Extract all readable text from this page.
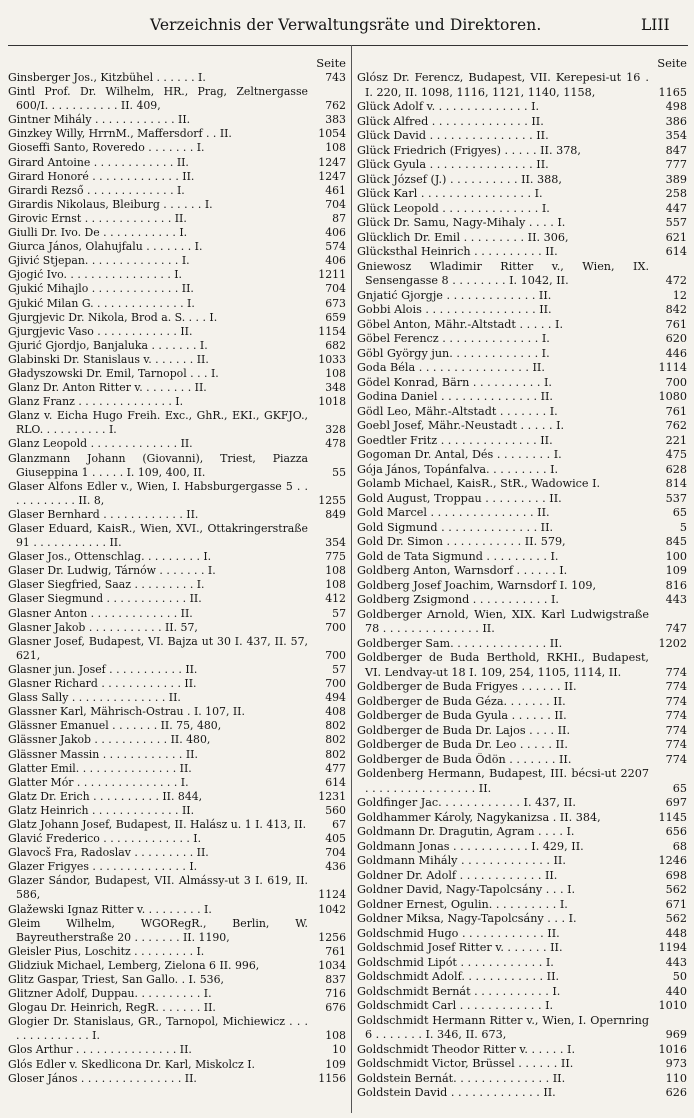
Verzeichnis der Verwaltungsräte und Direktoren.	LIII
Seite
Ginsberger Jos., Kitzbühel . . . . . . I.	743
Gintl Prof. Dr. Wilhelm, HR., Prag, Zeltnergasse 600/I. . . . . . . . . . . II. 409,	762
Gintner Mihály . . . . . . . . . . . . II.	383
Ginzkey Willy, HrrnM., Maffersdorf . . II.	1054
Gioseffi Santo, Roveredo . . . . . . . I.	108
Girard Antoine . . . . . . . . . . . . II.	1247
Girard Honoré . . . . . . . . . . . . . II.	1247
Girardi Rezső . . . . . . . . . . . . . I.	461
Girardis Nikolaus, Bleiburg . . . . . . I.	704
Girovic Ernst . . . . . . . . . . . . . II.	87
Giulli Dr. Ivo. De . . . . . . . . . . . I.	406
Giurca János, Olahujfalu . . . . . . . I.	574
Gjivić Stjepan. . . . . . . . . . . . . . I.	406
Gjogić Ivo. . . . . . . . . . . . . . . . I.	1211
Gjukić Mihajlo . . . . . . . . . . . . . II.	704
Gjukić Milan G. . . . . . . . . . . . . . I.	673
Gjurgjevic Dr. Nikola, Brod a. S. . . . I.	659
Gjurgjevic Vaso . . . . . . . . . . . . II.	1154
Gjurić Gjordjo, Banjaluka . . . . . . . I.	682
Glabinski Dr. Stanislaus v. . . . . . . II.	1033
Gładyszowski Dr. Emil, Tarnopol . . . I.	108
Glanz Dr. Anton Ritter v. . . . . . . . II.	348
Glanz Franz . . . . . . . . . . . . . . I.	1018
Glanz v. Eicha Hugo Freih. Exc., GhR., EKI., GKFJO., RLO. . . . . . . . . . I.	328
Glanz Leopold . . . . . . . . . . . . . II.	478
Glanzmann Johann (Giovanni), Triest, Piazza Giuseppina 1 . . . . . I. 109, 400, II.	55
Glaser Alfons Edler v., Wien, I. Habsburgergasse 5 . . . . . . . . . . . II. 8,	1255
Glaser Bernhard . . . . . . . . . . . . II.	849
Glaser Eduard, KaisR., Wien, XVI., Ottakringerstraße 91 . . . . . . . . . . . II.	354
Glaser Jos., Ottenschlag. . . . . . . . . I.	775
Glaser Dr. Ludwig, Tárnów . . . . . . . I.	108
Glaser Siegfried, Saaz . . . . . . . . . I.	108
Glaser Siegmund . . . . . . . . . . . . II.	412
Glasner Anton . . . . . . . . . . . . . II.	57
Glasner Jakob . . . . . . . . . . . II. 57,	700
Glasner Josef, Budapest, VI. Bajza ut 30 I. 437, II. 57, 621,	700
Glasner jun. Josef . . . . . . . . . . . II.	57
Glasner Richard . . . . . . . . . . . . II.	700
Glass Sally . . . . . . . . . . . . . . II.	494
Glassner Karl, Mährisch-Ostrau . I. 107, II.	408
Glässner Emanuel . . . . . . . II. 75, 480,	802
Glässner Jakob . . . . . . . . . . . II. 480,	802
Glässner Massin . . . . . . . . . . . . II.	802
Glatter Emil. . . . . . . . . . . . . . . II.	477
Glatter Mór . . . . . . . . . . . . . . . I.	614
Glatz Dr. Erich . . . . . . . . . . II. 844,	1231
Glatz Heinrich . . . . . . . . . . . . . II.	560
Glatz Johann Josef, Budapest, II. Halász u. 1 I. 413, II.	67
Glavić Frederico . . . . . . . . . . . . . I.	405
Glavocš Fra, Radoslav . . . . . . . . . II.	704
Glazer Frigyes . . . . . . . . . . . . . . I.	436
Glazer Sándor, Budapest, VII. Almássy-ut 3 I. 619, II. 586,	1124
Glažewski Ignaz Ritter v. . . . . . . . . I.	1042
Gleim Wilhelm, WGORegR., Berlin, W. Bayreutherstraße 20 . . . . . . . II. 1190,	1256
Gleisler Pius, Loschitz . . . . . . . . . I.	761
Glidziuk Michael, Lemberg, Zielona 6 II. 996,	1034
Glitz Gaspar, Triest, San Gallo. . I. 536,	837
Glitzner Adolf, Duppau. . . . . . . . . . I.	716
Glogau Dr. Heinrich, RegR. . . . . . . II.	676
Glogier Dr. Stanislaus, GR., Tarnopol, Michiewicz . . . . . . . . . . . . . . I.	108
Glos Arthur . . . . . . . . . . . . . . . II.	10
Glós Edler v. Skedlicona Dr. Karl, Miskolcz I.	109
Gloser János . . . . . . . . . . . . . . . II.	1156
Seite
Glósz Dr. Ferencz, Budapest, VII. Kerepesi-ut 16 . I. 220, II. 1098, 1116, 1121, 1140, 1158,	1165
Glück Adolf v. . . . . . . . . . . . . . I.	498
Glück Alfred . . . . . . . . . . . . . . II.	386
Glück David . . . . . . . . . . . . . . . II.	354
Glück Friedrich (Frigyes) . . . . . II. 378,	847
Glück Gyula . . . . . . . . . . . . . . . II.	777
Glück József (J.) . . . . . . . . . . II. 388,	389
Glück Karl . . . . . . . . . . . . . . . . I.	258
Glück Leopold . . . . . . . . . . . . . . I.	447
Glück Dr. Samu, Nagy-Mihaly . . . . I.	557
Glücklich Dr. Emil . . . . . . . . . II. 306,	621
Glücksthal Heinrich . . . . . . . . . . II.	614
Gniewosz Wladimir Ritter v., Wien, IX. Sensengasse 8 . . . . . . . . I. 1042, II.	472
Gnjatić Gjorgje . . . . . . . . . . . . . II.	12
Gobbi Alois . . . . . . . . . . . . . . . . II.	842
Göbel Anton, Mähr.-Altstadt . . . . . I.	761
Göbel Ferencz . . . . . . . . . . . . . . I.	620
Göbl György jun. . . . . . . . . . . . . I.	446
Goda Béla . . . . . . . . . . . . . . . . II.	1114
Gödel Konrad, Bärn . . . . . . . . . . I.	700
Godina Daniel . . . . . . . . . . . . . . II.	1080
Gödl Leo, Mähr.-Altstadt . . . . . . . I.	761
Goebl Josef, Mähr.-Neustadt . . . . . I.	762
Goedtler Fritz . . . . . . . . . . . . . . II.	221
Gogoman Dr. Antal, Dés . . . . . . . . I.	475
Gója János, Topánfalva. . . . . . . . . I.	628
Golamb Michael, KaisR., StR., Wadowice I.	814
Gold August, Troppau . . . . . . . . . II.	537
Gold Marcel . . . . . . . . . . . . . . . II.	65
Gold Sigmund . . . . . . . . . . . . . . II.	5
Gold Dr. Simon . . . . . . . . . . . II. 579,	845
Gold de Tata Sigmund . . . . . . . . . I.	100
Goldberg Anton, Warnsdorf . . . . . . I.	109
Goldberg Josef Joachim, Warnsdorf I. 109,	816
Goldberg Zsigmond . . . . . . . . . . . I.	443
Goldberger Arnold, Wien, XIX. Karl Ludwigstraße 78 . . . . . . . . . . . . . . II.	747
Goldberger Sam. . . . . . . . . . . . . . II.	1202
Goldberger de Buda Berthold, RKHI., Budapest, VI. Lendvay-ut 18 I. 109, 254, 1105, 1114, II.	774
Goldberger de Buda Frigyes . . . . . . II.	774
Goldberger de Buda Géza. . . . . . . II.	774
Goldberger de Buda Gyula . . . . . . II.	774
Goldberger de Buda Dr. Lajos . . . . II.	774
Goldberger de Buda Dr. Leo . . . . . II.	774
Goldberger de Buda Ödön . . . . . . . II.	774
Goldenberg Hermann, Budapest, III. bécsi-ut 2207 . . . . . . . . . . . . . . . . II.	65
Goldfinger Jac. . . . . . . . . . . . I. 437, II.	697
Goldhammer Károly, Nagykanizsa . II. 384,	1145
Goldmann Dr. Dragutin, Agram . . . . I.	656
Goldmann Jonas . . . . . . . . . . . I. 429, II.	68
Goldmann Mihály . . . . . . . . . . . . . II.	1246
Goldner Dr. Adolf . . . . . . . . . . . . II.	698
Goldner David, Nagy-Tapolcsány . . . I.	562
Goldner Ernest, Ogulin. . . . . . . . . . I.	671
Goldner Miksa, Nagy-Tapolcsány . . . I.	562
Goldschmid Hugo . . . . . . . . . . . . II.	448
Goldschmid Josef Ritter v. . . . . . . II.	1194
Goldschmid Lipót . . . . . . . . . . . . I.	443
Goldschmidt Adolf. . . . . . . . . . . . II.	50
Goldschmidt Bernát . . . . . . . . . . . I.	440
Goldschmidt Carl . . . . . . . . . . . . I.	1010
Goldschmidt Hermann Ritter v., Wien, I. Opernring 6 . . . . . . . I. 346, II. 673,	969
Goldschmidt Theodor Ritter v. . . . . . I.	1016
Goldschmidt Victor, Brüssel . . . . . . II.	973
Goldstein Bernát. . . . . . . . . . . . . . II.	110
Goldstein David . . . . . . . . . . . . . II.	626
